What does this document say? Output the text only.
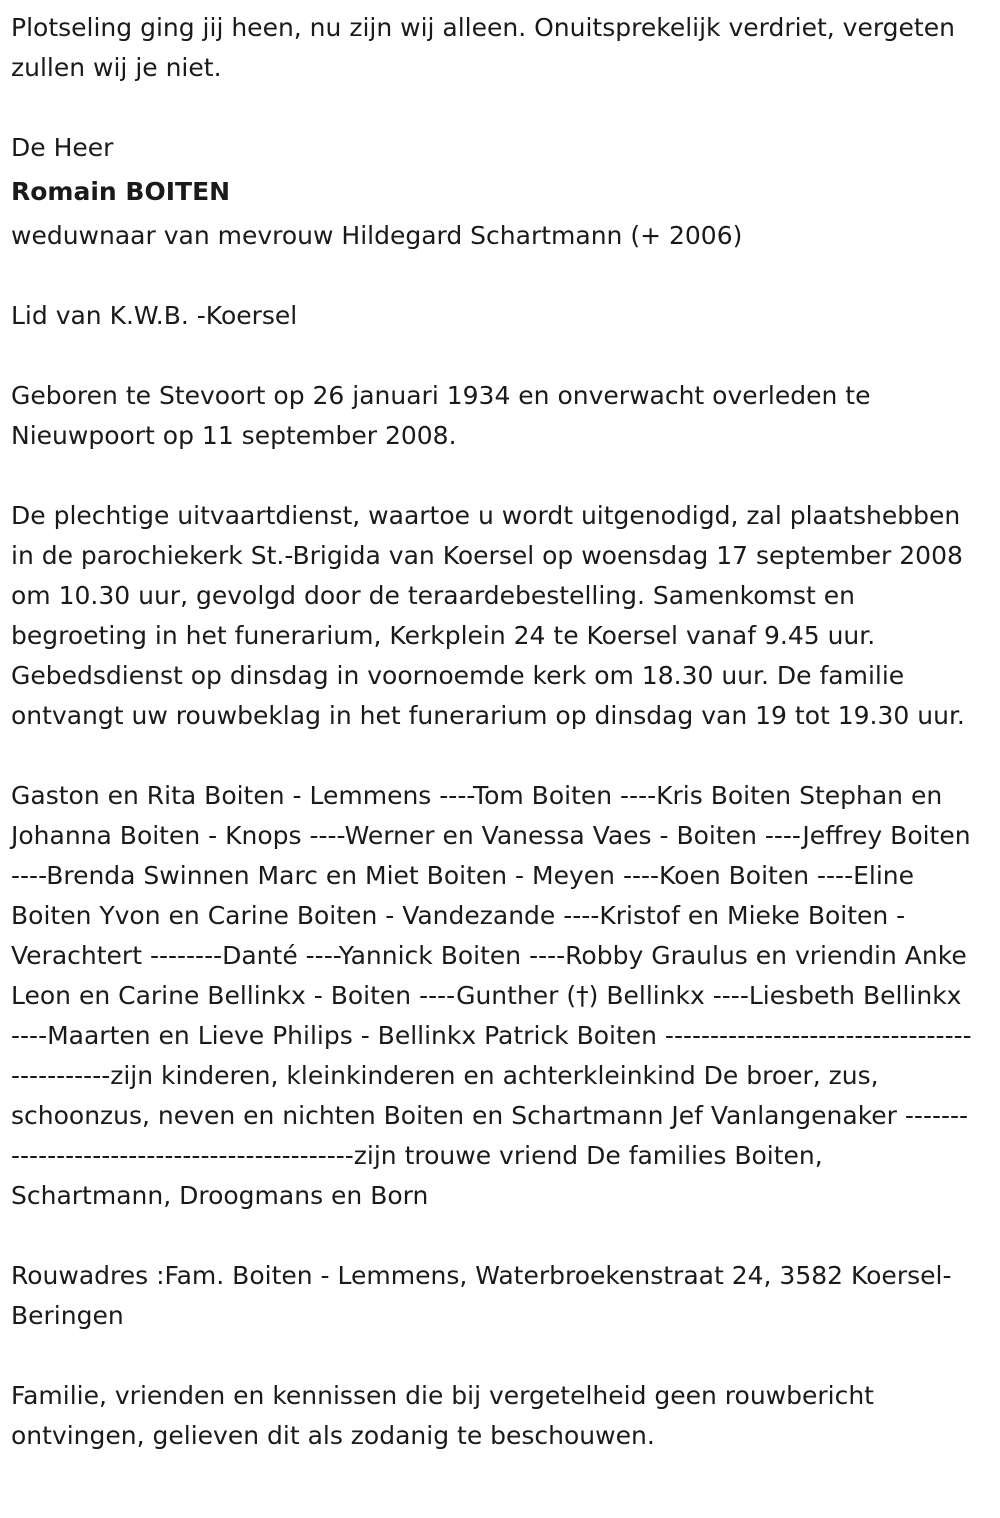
Plotseling ging jij heen, nu zijn wij alleen. Onuitsprekelijk verdriet, vergeten zullen wij je niet.

De Heer
Romain BOITEN

weduwnaar van mevrouw Hildegard Schartmann (+ 2006)

Lid van K.W.B. -Koersel

Geboren te Stevoort op 26 januari 1934 en onverwacht overleden te Nieuwpoort op 11 september 2008.

De plechtige uitvaartdienst, waartoe u wordt uitgenodigd, zal plaatshebben in de parochiekerk St.-Brigida van Koersel op woensdag 17 september 2008 om 10.30 uur, gevolgd door de teraardebestelling. Samenkomst en begroeting in het funerarium, Kerkplein 24 te Koersel vanaf 9.45 uur. Gebedsdienst op dinsdag in voornoemde kerk om 18.30 uur. De familie ontvangt uw rouwbeklag in het funerarium op dinsdag van 19 tot 19.30 uur.

Gaston en Rita Boiten - Lemmens ----Tom Boiten ----Kris Boiten Stephan en Johanna Boiten - Knops ----Werner en Vanessa Vaes - Boiten ----Jeffrey Boiten ----Brenda Swinnen Marc en Miet Boiten - Meyen ----Koen Boiten ----Eline Boiten Yvon en Carine Boiten - Vandezande ----Kristof en Mieke Boiten - Verachtert --------Danté ----Yannick Boiten ----Robby Graulus en vriendin Anke Leon en Carine Bellinkx - Boiten ----Gunther (†) Bellinkx ----Liesbeth Bellinkx ----Maarten en Lieve Philips - Bellinkx Patrick Boiten ---------------------------------------------zijn kinderen, kleinkinderen en achterkleinkind De broer, zus, schoonzus, neven en nichten Boiten en Schartmann Jef Vanlangenaker ---------------------------------------------zijn trouwe vriend De families Boiten, Schartmann, Droogmans en Born

Rouwadres :Fam. Boiten - Lemmens, Waterbroekenstraat 24, 3582 Koersel-Beringen

Familie, vrienden en kennissen die bij vergetelheid geen rouwbericht ontvingen, gelieven dit als zodanig te beschouwen.
